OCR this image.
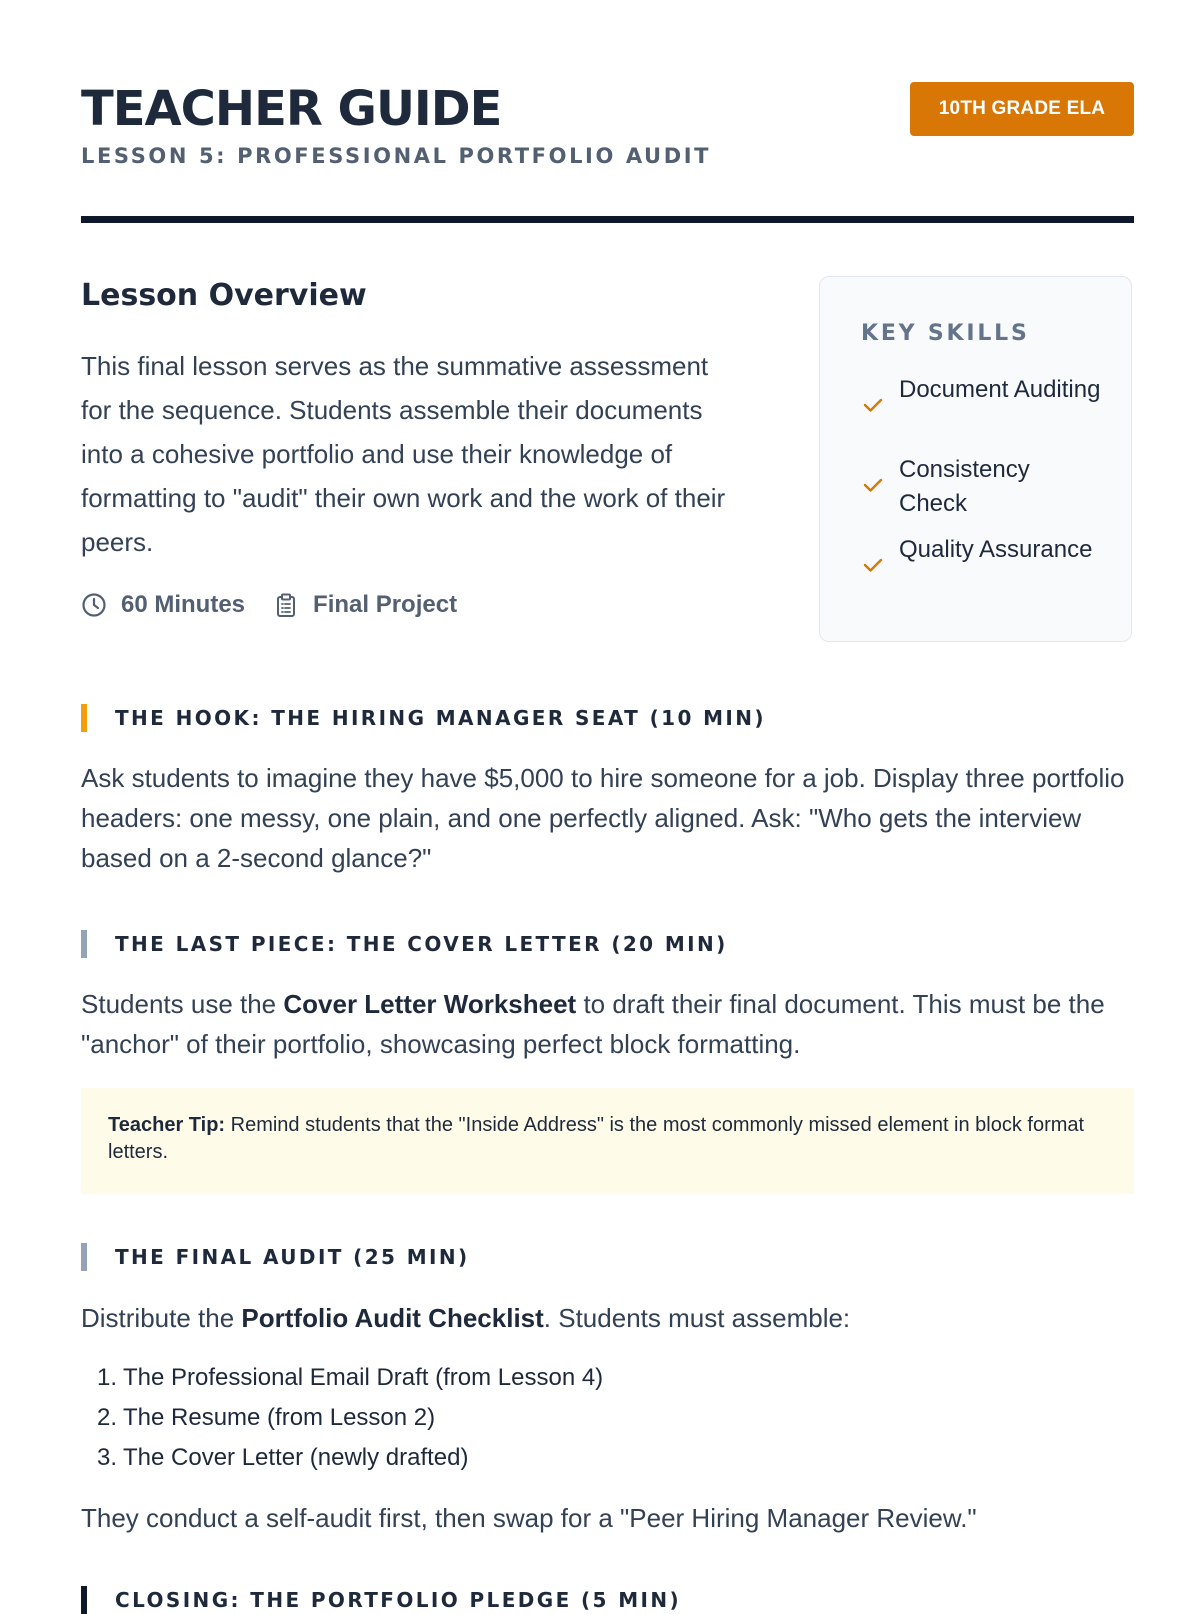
TEACHER GUIDE
LESSON 5: PROFESSIONAL PORTFOLIO AUDIT
10TH GRADE ELA
Lesson Overview

This final lesson serves as the summative assessment for the sequence. Students assemble their documents into a cohesive portfolio and use their knowledge of formatting to "audit" their own work and the work of their peers.

60 Minutes	Final Project
KEY SKILLS
Document Auditing
Consistency Check
Quality Assurance
THE HOOK: THE HIRING MANAGER SEAT (10 MIN)

Ask students to imagine they have $5,000 to hire someone for a job. Display three portfolio headers: one messy, one plain, and one perfectly aligned. Ask: "Who gets the interview based on a 2-second glance?"

THE LAST PIECE: THE COVER LETTER (20 MIN)

Students use the Cover Letter Worksheet to draft their final document. This must be the "anchor" of their portfolio, showcasing perfect block formatting.

Teacher Tip: Remind students that the "Inside Address" is the most commonly missed element in block format letters.
THE FINAL AUDIT (25 MIN)

Distribute the Portfolio Audit Checklist. Students must assemble:

1. The Professional Email Draft (from Lesson 4)
2. The Resume (from Lesson 2)
3. The Cover Letter (newly drafted)

They conduct a self-audit first, then swap for a "Peer Hiring Manager Review."

CLOSING: THE PORTFOLIO PLEDGE (5 MIN)
